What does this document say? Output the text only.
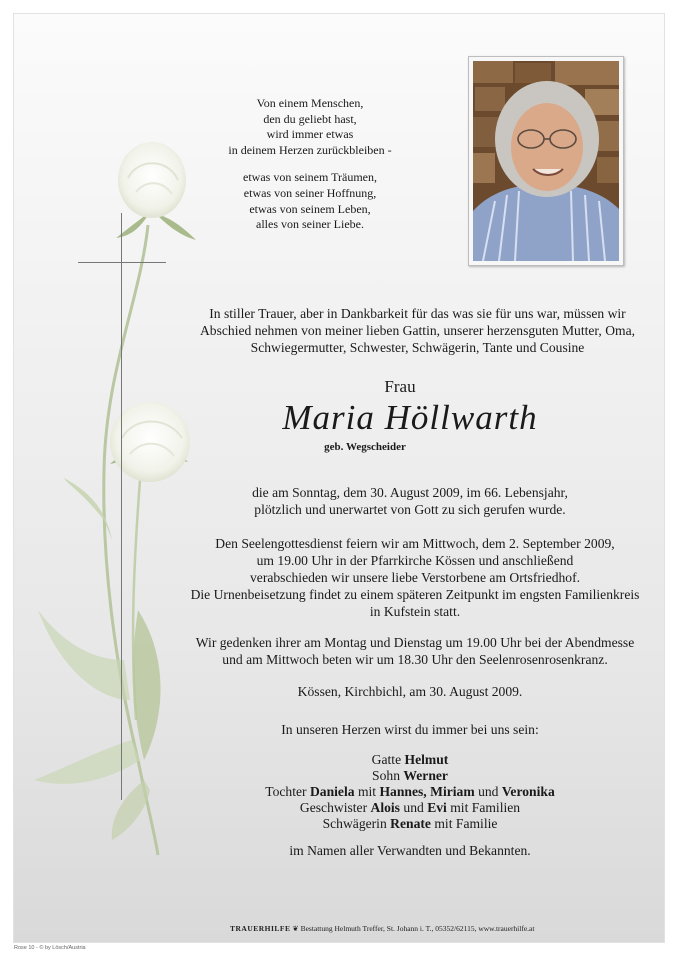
Von einem Menschen,

den du geliebt hast,

wird immer etwas

in deinem Herzen zurückbleiben -

etwas von seinem Träumen,

etwas von seiner Hoffnung,

etwas von seinem Leben,

alles von seiner Liebe.

In stiller Trauer, aber in Dankbarkeit für das was sie für uns war, müssen wir

Abschied nehmen von meiner lieben Gattin, unserer herzensguten Mutter, Oma,

Schwiegermutter, Schwester, Schwägerin, Tante und Cousine

Frau
Maria Höllwarth
geb. Wegscheider

die am Sonntag, dem 30. August 2009, im 66. Lebensjahr,

plötzlich und unerwartet von Gott zu sich gerufen wurde.

Den Seelengottesdienst feiern wir am Mittwoch, dem 2. September 2009,

um 19.00 Uhr in der Pfarrkirche Kössen und anschließend

verabschieden wir unsere liebe Verstorbene am Ortsfriedhof.

Die Urnenbeisetzung findet zu einem späteren Zeitpunkt im engsten Familienkreis

in Kufstein statt.

Wir gedenken ihrer am Montag und Dienstag um 19.00 Uhr bei der Abendmesse

und am Mittwoch beten wir um 18.30 Uhr den Seelenrosenrosenkranz.

Kössen, Kirchbichl, am 30. August 2009.
In unseren Herzen wirst du immer bei uns sein:

Gatte Helmut

Sohn Werner

Tochter Daniela mit Hannes, Miriam und Veronika

Geschwister Alois und Evi mit Familien

Schwägerin Renate mit Familie

im Namen aller Verwandten und Bekannten.
TRAUERHILFE ❦ Bestattung Helmuth Treffer, St. Johann i. T., 05352/62115, www.trauerhilfe.at
Rose 10 - © by Lösch/Austria
